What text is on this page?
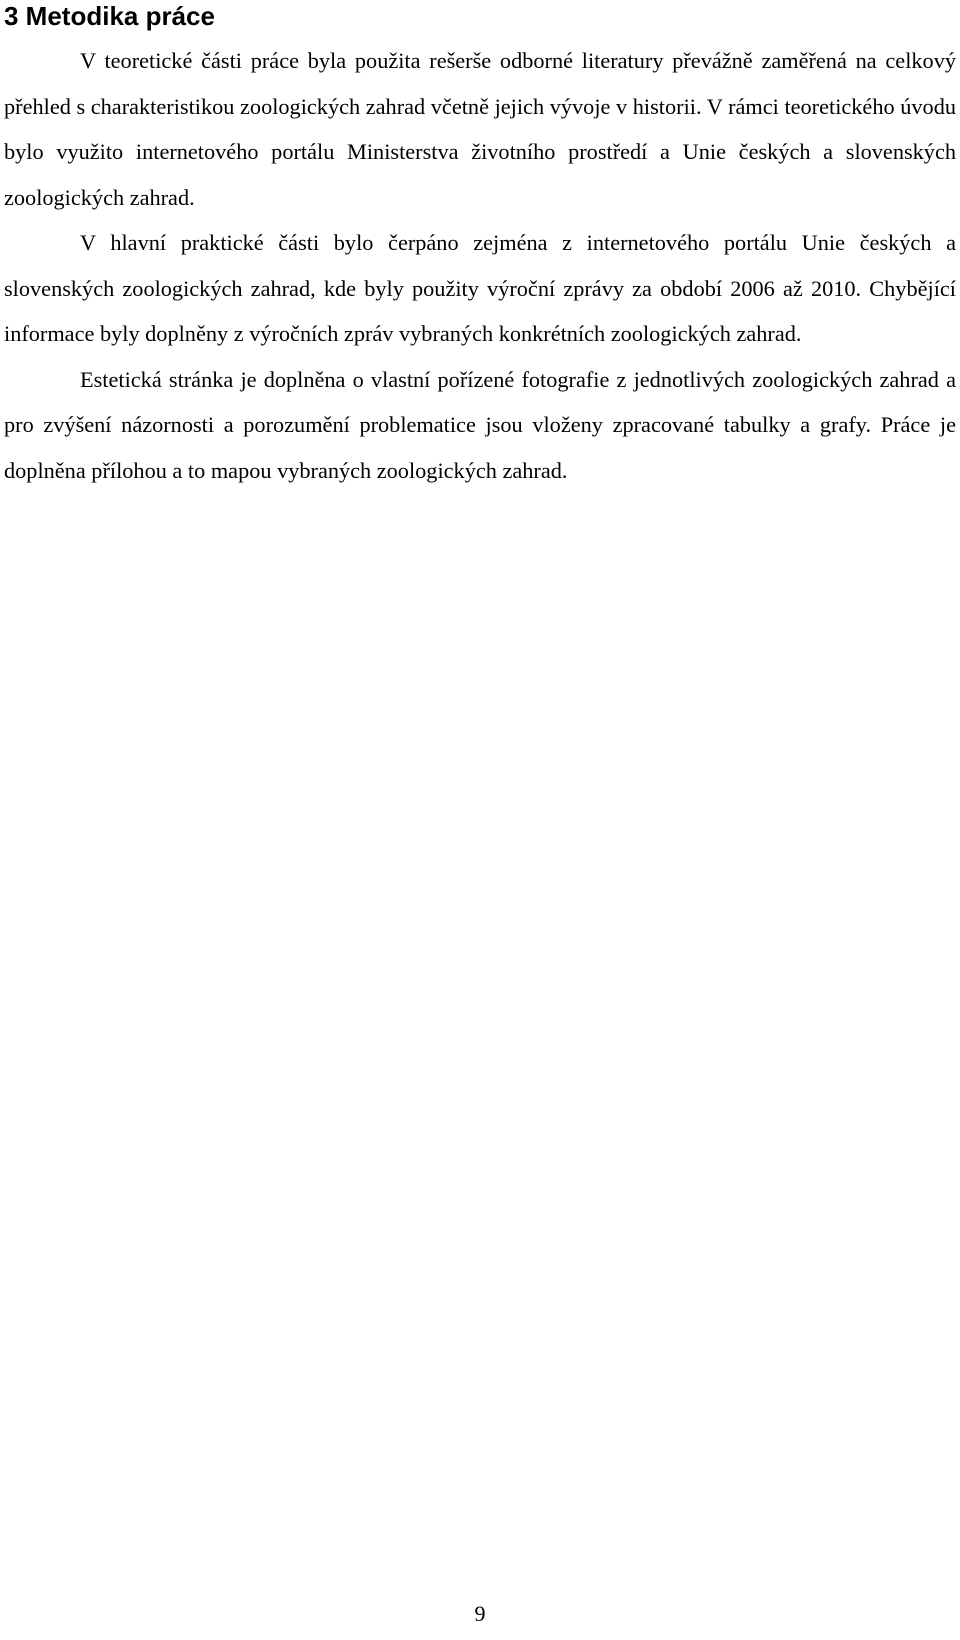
3 Metodika práce

V teoretické části práce byla použita rešerše odborné literatury převážně zaměřená na celkový přehled s charakteristikou zoologických zahrad včetně jejich vývoje v historii. V rámci teoretického úvodu bylo využito internetového portálu Ministerstva životního prostředí a Unie českých a slovenských zoologických zahrad.

V hlavní praktické části bylo čerpáno zejména z internetového portálu Unie českých a slovenských zoologických zahrad, kde byly použity výroční zprávy za období 2006 až 2010. Chybějící informace byly doplněny z výročních zpráv vybraných konkrétních zoologických zahrad.

Estetická stránka je doplněna o vlastní pořízené fotografie z jednotlivých zoologických zahrad a pro zvýšení názornosti a porozumění problematice jsou vloženy zpracované tabulky a grafy. Práce je doplněna přílohou a to mapou vybraných zoologických zahrad.

9
